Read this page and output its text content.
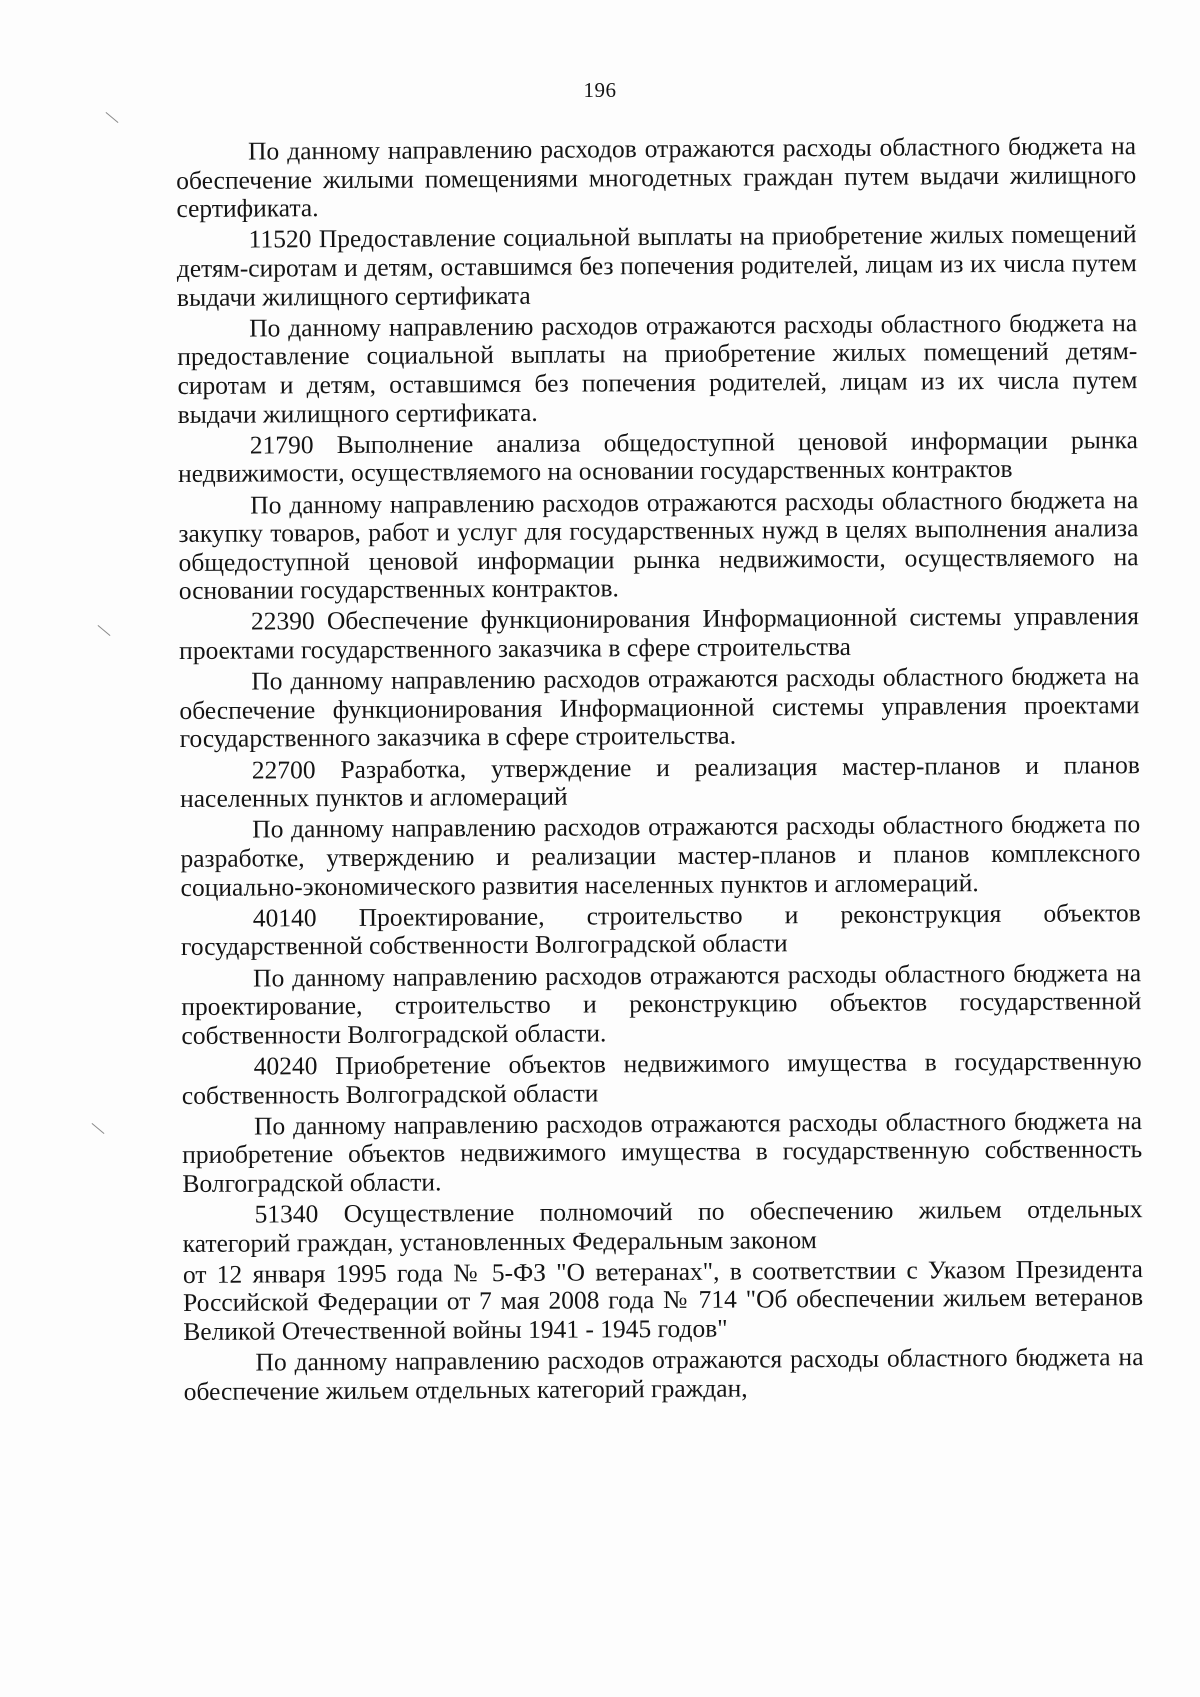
196

По данному направлению расходов отражаются расходы областного бюджета на обеспечение жилыми помещениями многодетных граждан путем выдачи жилищного сертификата.

11520 Предоставление социальной выплаты на приобретение жилых помещений детям-сиротам и детям, оставшимся без попечения родителей, лицам из их числа путем выдачи жилищного сертификата

По данному направлению расходов отражаются расходы областного бюджета на предоставление социальной выплаты на приобретение жилых помещений детям-сиротам и детям, оставшимся без попечения родителей, лицам из их числа путем выдачи жилищного сертификата.

21790 Выполнение анализа общедоступной ценовой информации рынка недвижимости, осуществляемого на основании государственных контрактов

По данному направлению расходов отражаются расходы областного бюджета на закупку товаров, работ и услуг для государственных нужд в целях выполнения анализа общедоступной ценовой информации рынка недвижимости, осуществляемого на основании государственных контрактов.

22390 Обеспечение функционирования Информационной системы управления проектами государственного заказчика в сфере строительства

По данному направлению расходов отражаются расходы областного бюджета на обеспечение функционирования Информационной системы управления проектами государственного заказчика в сфере строительства.

22700 Разработка, утверждение и реализация мастер-планов и планов населенных пунктов и агломераций

По данному направлению расходов отражаются расходы областного бюджета по разработке, утверждению и реализации мастер-планов и планов комплексного социально-экономического развития населенных пунктов и агломераций.

40140 Проектирование, строительство и реконструкция объектов государственной собственности Волгоградской области

По данному направлению расходов отражаются расходы областного бюджета на проектирование, строительство и реконструкцию объектов государственной собственности Волгоградской области.

40240 Приобретение объектов недвижимого имущества в государственную собственность Волгоградской области

По данному направлению расходов отражаются расходы областного бюджета на приобретение объектов недвижимого имущества в государственную собственность Волгоградской области.

51340 Осуществление полномочий по обеспечению жильем отдельных категорий граждан, установленных Федеральным законом

от 12 января 1995 года № 5-ФЗ "О ветеранах", в соответствии с Указом Президента Российской Федерации от 7 мая 2008 года № 714 "Об обеспечении жильем ветеранов Великой Отечественной войны 1941 - 1945 годов"

По данному направлению расходов отражаются расходы областного бюджета на обеспечение жильем отдельных категорий граждан,
